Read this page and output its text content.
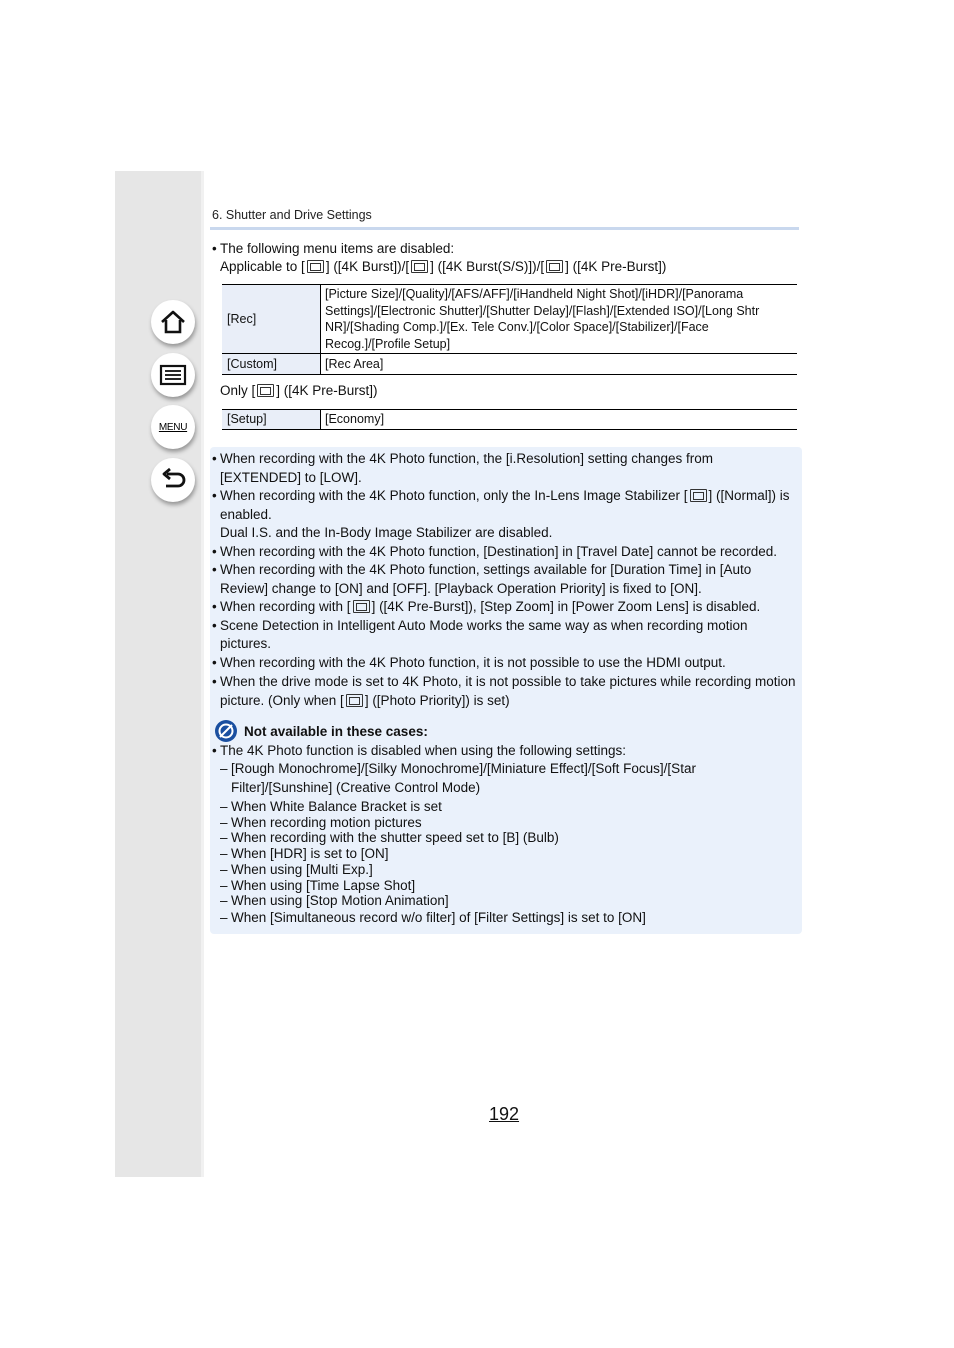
MENU
6. Shutter and Drive Settings
• The following menu items are disabled:
Applicable to [ ] ([4K Burst])/[ ] ([4K Burst(S/S)])/[ ] ([4K Pre-Burst])
[Rec]	[Picture Size]/[Quality]/[AFS/AFF]/[iHandheld Night Shot]/[iHDR]/[Panorama Settings]/[Electronic Shutter]/[Shutter Delay]/[Flash]/[Extended ISO]/[Long Shtr NR]/[Shading Comp.]/[Ex. Tele Conv.]/[Color Space]/[Stabilizer]/[Face Recog.]/[Profile Setup]
[Custom]	[Rec Area]
Only [ ] ([4K Pre-Burst])
[Setup]	[Economy]
• When recording with the 4K Photo function, the [i.Resolution] setting changes from [EXTENDED] to [LOW].
• When recording with the 4K Photo function, only the In-Lens Image Stabilizer [ ] ([Normal]) is enabled.
Dual I.S. and the In-Body Image Stabilizer are disabled.
• When recording with the 4K Photo function, [Destination] in [Travel Date] cannot be recorded.
• When recording with the 4K Photo function, settings available for [Duration Time] in [Auto Review] change to [ON] and [OFF]. [Playback Operation Priority] is fixed to [ON].
• When recording with [ ] ([4K Pre-Burst]), [Step Zoom] in [Power Zoom Lens] is disabled.
• Scene Detection in Intelligent Auto Mode works the same way as when recording motion pictures.
• When recording with the 4K Photo function, it is not possible to use the HDMI output.
• When the drive mode is set to 4K Photo, it is not possible to take pictures while recording motion picture. (Only when [ ] ([Photo Priority]) is set)
Not available in these cases:
• The 4K Photo function is disabled when using the following settings:
– [Rough Monochrome]/[Silky Monochrome]/[Miniature Effect]/[Soft Focus]/[Star Filter]/[Sunshine] (Creative Control Mode)
– When White Balance Bracket is set
– When recording motion pictures
– When recording with the shutter speed set to [B] (Bulb)
– When [HDR] is set to [ON]
– When using [Multi Exp.]
– When using [Time Lapse Shot]
– When using [Stop Motion Animation]
– When [Simultaneous record w/o filter] of [Filter Settings] is set to [ON]
192
